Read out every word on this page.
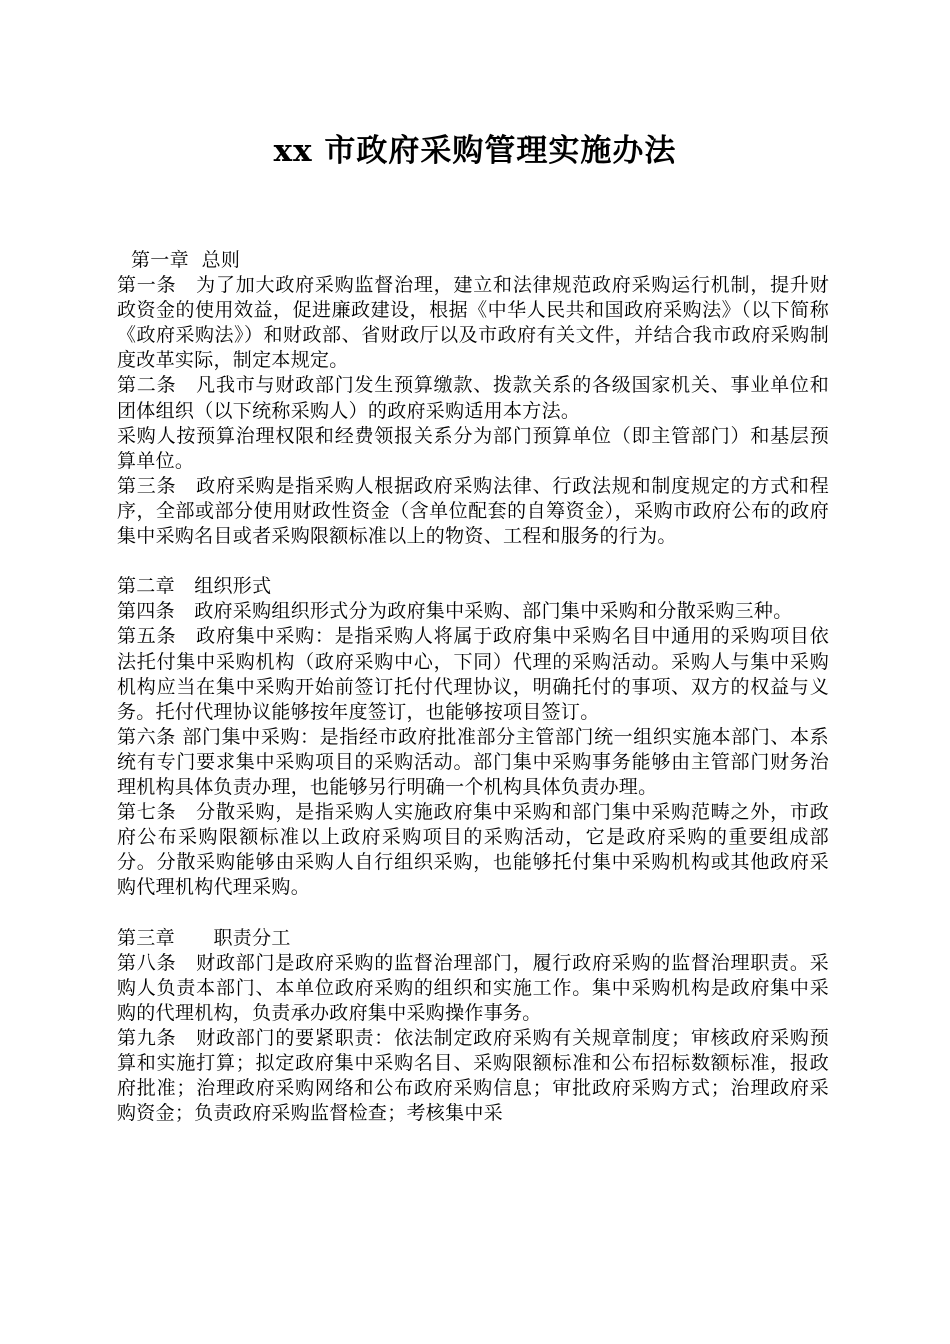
xx 市政府采购管理实施办法

第一章  总则

第一条　为了加大政府采购监督治理，建立和法律规范政府采购运行机制，提升财政资金的使用效益，促进廉政建设，根据《中华人民共和国政府采购法》（以下简称《政府采购法》）和财政部、省财政厅以及市政府有关文件，并结合我市政府采购制度改革实际，制定本规定。

第二条　凡我市与财政部门发生预算缴款、拨款关系的各级国家机关、事业单位和团体组织（以下统称采购人）的政府采购适用本方法。

采购人按预算治理权限和经费领报关系分为部门预算单位（即主管部门）和基层预算单位。

第三条　政府采购是指采购人根据政府采购法律、行政法规和制度规定的方式和程序，全部或部分使用财政性资金（含单位配套的自筹资金），采购市政府公布的政府集中采购名目或者采购限额标准以上的物资、工程和服务的行为。

第二章　组织形式

第四条　政府采购组织形式分为政府集中采购、部门集中采购和分散采购三种。

第五条　政府集中采购：是指采购人将属于政府集中采购名目中通用的采购项目依法托付集中采购机构（政府采购中心，下同）代理的采购活动。采购人与集中采购机构应当在集中采购开始前签订托付代理协议，明确托付的事项、双方的权益与义务。托付代理协议能够按年度签订，也能够按项目签订。

第六条 部门集中采购：是指经市政府批准部分主管部门统一组织实施本部门、本系统有专门要求集中采购项目的采购活动。部门集中采购事务能够由主管部门财务治理机构具体负责办理，也能够另行明确一个机构具体负责办理。

第七条　分散采购，是指采购人实施政府集中采购和部门集中采购范畴之外，市政府公布采购限额标准以上政府采购项目的采购活动，它是政府采购的重要组成部分。分散采购能够由采购人自行组织采购，也能够托付集中采购机构或其他政府采购代理机构代理采购。

第三章　　职责分工

第八条　财政部门是政府采购的监督治理部门，履行政府采购的监督治理职责。采购人负责本部门、本单位政府采购的组织和实施工作。集中采购机构是政府集中采购的代理机构，负责承办政府集中采购操作事务。

第九条　财政部门的要紧职责：依法制定政府采购有关规章制度；审核政府采购预算和实施打算；拟定政府集中采购名目、采购限额标准和公布招标数额标准，报政府批准；治理政府采购网络和公布政府采购信息；审批政府采购方式；治理政府采购资金；负责政府采购监督检查；考核集中采
